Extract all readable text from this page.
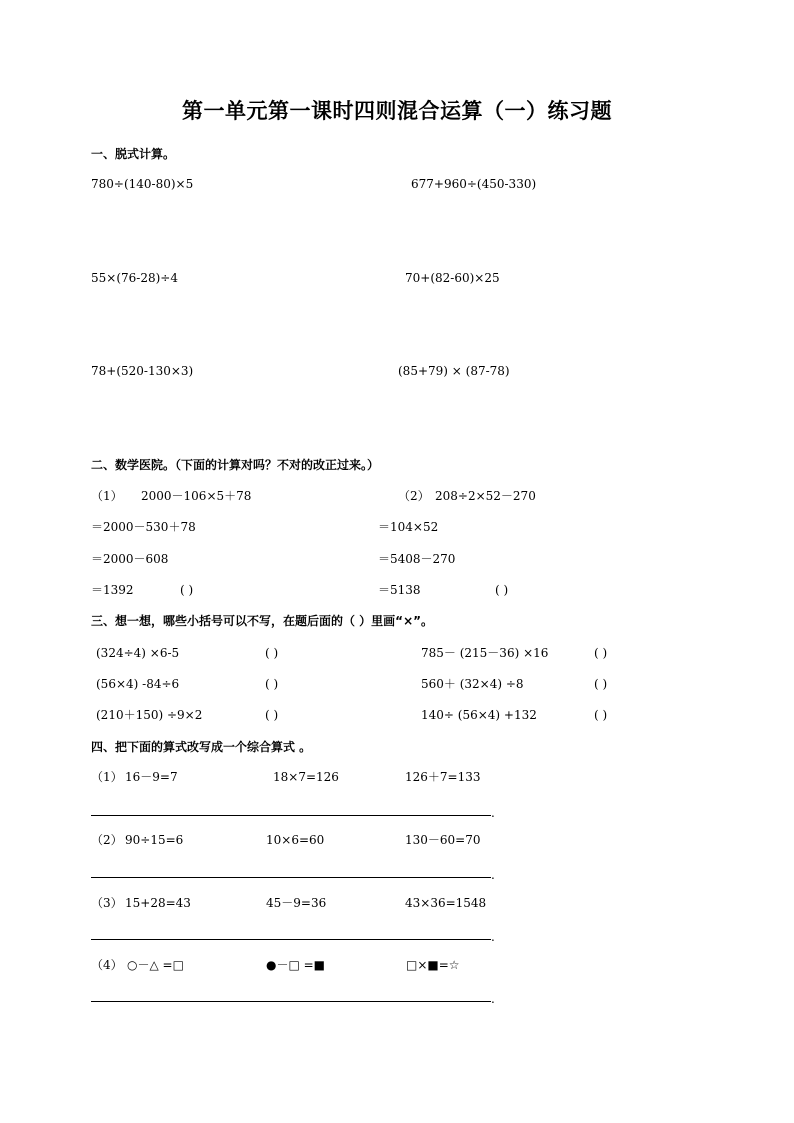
第一单元第一课时四则混合运算（一）练习题
一、脱式计算。
780÷(140-80)×5	677+960÷(450-330)
55×(76-28)÷4	70+(82-60)×25
78+(520-130×3)	(85+79) × (87-78)
二、数学医院。（下面的计算对吗？不对的改正过来。）
（1） 2000－106×5＋78
＝2000－530＋78
＝2000－608
＝1392	( )
（2） 208÷2×52－270
＝104×52
＝5408－270
＝5138	( )
三、想一想，哪些小括号可以不写，在题后面的（ ）里画“×”。
(324÷4) ×6-5	( )	785－ (215－36) ×16	( )
(56×4) -84÷6	( )	560＋ (32×4) ÷8	( )
(210＋150) ÷9×2	( )	140÷ (56×4) +132	( )
四、把下面的算式改写成一个综合算式 。
（1） 16－9=7	18×7=126	126＋7=133
.
（2） 90÷15=6	10×6=60	130－60=70
.
（3） 15+28=43	45－9=36	43×36=1548
.
（4） ○－△ =□	●－□ =■	□×■=☆
.
